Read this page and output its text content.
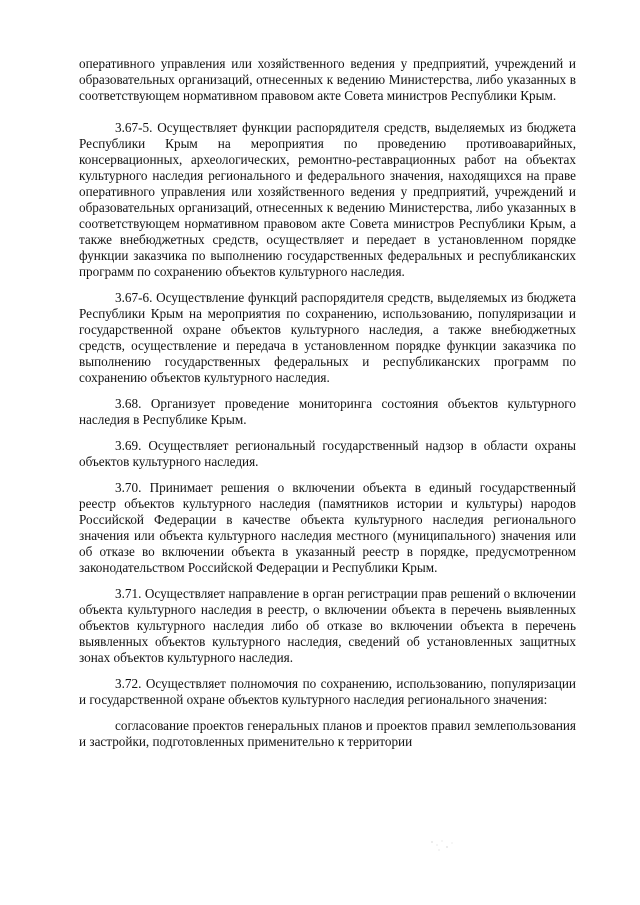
оперативного управления или хозяйственного ведения у предприятий, учреждений и образовательных организаций, отнесенных к ведению Министерства, либо указанных в соответствующем нормативном правовом акте Совета министров Республики Крым.

3.67-5. Осуществляет функции распорядителя средств, выделяемых из бюджета Республики Крым на мероприятия по проведению противоаварийных, консервационных, археологических, ремонтно-реставрационных работ на объектах культурного наследия регионального и федерального значения, находящихся на праве оперативного управления или хозяйственного ведения у предприятий, учреждений и образовательных организаций, отнесенных к ведению Министерства, либо указанных в соответствующем нормативном правовом акте Совета министров Республики Крым, а также внебюджетных средств, осуществляет и передает в установленном порядке функции заказчика по выполнению государственных федеральных и республиканских программ по сохранению объектов культурного наследия.

3.67-6. Осуществление функций распорядителя средств, выделяемых из бюджета Республики Крым на мероприятия по сохранению, использованию, популяризации и государственной охране объектов культурного наследия, а также внебюджетных средств, осуществление и передача в установленном порядке функции заказчика по выполнению государственных федеральных и республиканских программ по сохранению объектов культурного наследия.

3.68. Организует проведение мониторинга состояния объектов культурного наследия в Республике Крым.

3.69. Осуществляет региональный государственный надзор в области охраны объектов культурного наследия.

3.70. Принимает решения о включении объекта в единый государственный реестр объектов культурного наследия (памятников истории и культуры) народов Российской Федерации в качестве объекта культурного наследия регионального значения или объекта культурного наследия местного (муниципального) значения или об отказе во включении объекта в указанный реестр в порядке, предусмотренном законодательством Российской Федерации и Республики Крым.

3.71. Осуществляет направление в орган регистрации прав решений о включении объекта культурного наследия в реестр, о включении объекта в перечень выявленных объектов культурного наследия либо об отказе во включении объекта в перечень выявленных объектов культурного наследия, сведений об установленных защитных зонах объектов культурного наследия.

3.72. Осуществляет полномочия по сохранению, использованию, популяризации и государственной охране объектов культурного наследия регионального значения:

согласование проектов генеральных планов и проектов правил землепользования и застройки, подготовленных применительно к территории
